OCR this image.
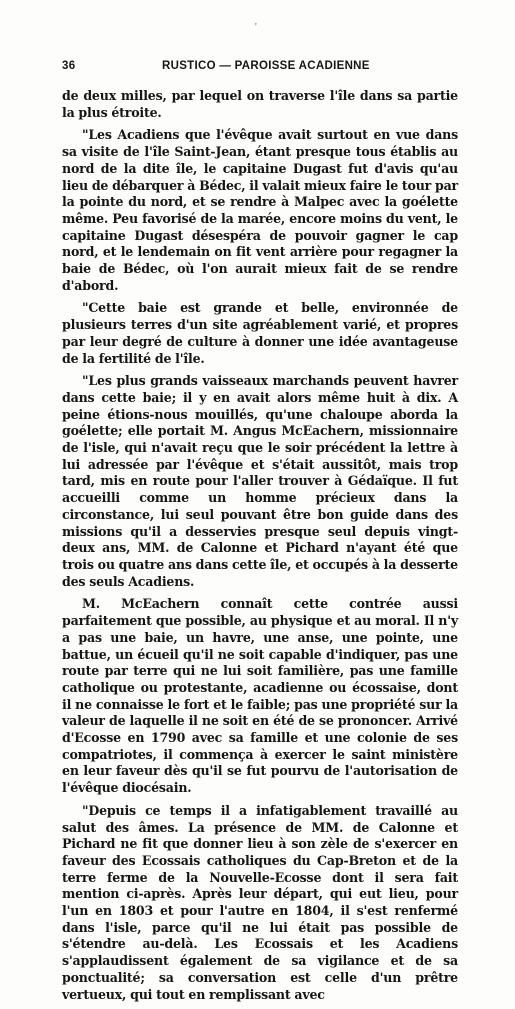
'
36	RUSTICO — PAROISSE ACADIENNE

de deux milles, par lequel on traverse l'île dans sa partie la plus étroite.

"Les Acadiens que l'évêque avait surtout en vue dans sa visite de l'île Saint-Jean, étant presque tous établis au nord de la dite île, le capitaine Dugast fut d'avis qu'au lieu de débarquer à Bédec, il valait mieux faire le tour par la pointe du nord, et se rendre à Malpec avec la goélette même. Peu favorisé de la marée, encore moins du vent, le capitaine Dugast désespéra de pouvoir gagner le cap nord, et le lendemain on fit vent arrière pour regagner la baie de Bédec, où l'on aurait mieux fait de se rendre d'abord.

"Cette baie est grande et belle, environnée de plusieurs terres d'un site agréablement varié, et propres par leur degré de culture à donner une idée avantageuse de la fertilité de l'île.

"Les plus grands vaisseaux marchands peuvent havrer dans cette baie; il y en avait alors même huit à dix. A peine étions-nous mouillés, qu'une chaloupe aborda la goélette; elle portait M. Angus McEachern, missionnaire de l'isle, qui n'avait reçu que le soir précédent la lettre à lui adressée par l'évêque et s'était aussitôt, mais trop tard, mis en route pour l'aller trouver à Gédaïque. Il fut accueilli comme un homme précieux dans la circonstance, lui seul pouvant être bon guide dans des missions qu'il a desservies presque seul depuis vingt-deux ans, MM. de Calonne et Pichard n'ayant été que trois ou quatre ans dans cette île, et occupés à la desserte des seuls Acadiens.

M. McEachern connaît cette contrée aussi parfaitement que possible, au physique et au moral. Il n'y a pas une baie, un havre, une anse, une pointe, une battue, un écueil qu'il ne soit capable d'indiquer, pas une route par terre qui ne lui soit familière, pas une famille catholique ou protestante, acadienne ou écossaise, dont il ne connaisse le fort et le faible; pas une propriété sur la valeur de laquelle il ne soit en été de se prononcer. Arrivé d'Ecosse en 1790 avec sa famille et une colonie de ses compatriotes, il commença à exercer le saint ministère en leur faveur dès qu'il se fut pourvu de l'autorisation de l'évêque diocésain.

"Depuis ce temps il a infatigablement travaillé au salut des âmes. La présence de MM. de Calonne et Pichard ne fit que donner lieu à son zèle de s'exercer en faveur des Ecossais catholiques du Cap-Breton et de la terre ferme de la Nouvelle-Ecosse dont il sera fait mention ci-après. Après leur départ, qui eut lieu, pour l'un en 1803 et pour l'autre en 1804, il s'est renfermé dans l'isle, parce qu'il ne lui était pas possible de s'étendre au-delà. Les Ecossais et les Acadiens s'applaudissent également de sa vigilance et de sa ponctualité; sa conversation est celle d'un prêtre vertueux, qui tout en remplissant avec
